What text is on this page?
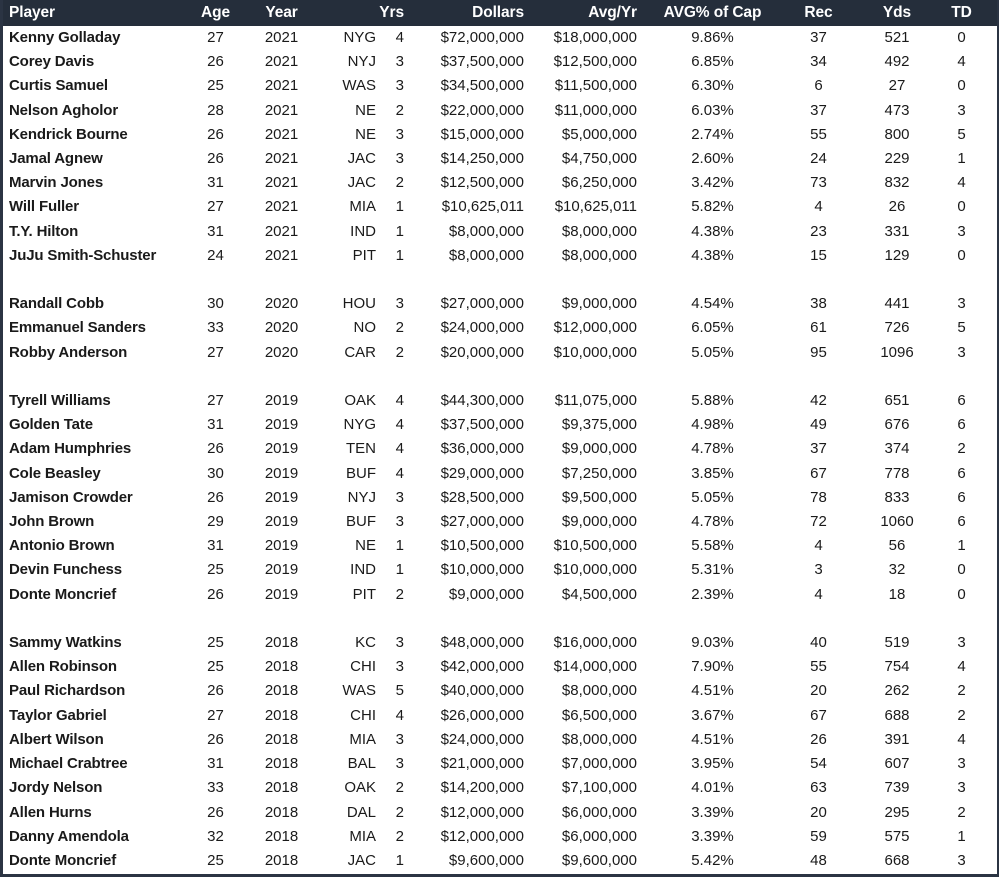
Player	Age	Year		Yrs	Dollars	Avg/Yr	AVG% of Cap	Rec	Yds	TD
Kenny Golladay	27	2021	NYG	4	$72,000,000	$18,000,000	9.86%	37	521	0
Corey Davis	26	2021	NYJ	3	$37,500,000	$12,500,000	6.85%	34	492	4
Curtis Samuel	25	2021	WAS	3	$34,500,000	$11,500,000	6.30%	6	27	0
Nelson Agholor	28	2021	NE	2	$22,000,000	$11,000,000	6.03%	37	473	3
Kendrick Bourne	26	2021	NE	3	$15,000,000	$5,000,000	2.74%	55	800	5
Jamal Agnew	26	2021	JAC	3	$14,250,000	$4,750,000	2.60%	24	229	1
Marvin Jones	31	2021	JAC	2	$12,500,000	$6,250,000	3.42%	73	832	4
Will Fuller	27	2021	MIA	1	$10,625,011	$10,625,011	5.82%	4	26	0
T.Y. Hilton	31	2021	IND	1	$8,000,000	$8,000,000	4.38%	23	331	3
JuJu Smith-Schuster	24	2021	PIT	1	$8,000,000	$8,000,000	4.38%	15	129	0

Randall Cobb	30	2020	HOU	3	$27,000,000	$9,000,000	4.54%	38	441	3
Emmanuel Sanders	33	2020	NO	2	$24,000,000	$12,000,000	6.05%	61	726	5
Robby Anderson	27	2020	CAR	2	$20,000,000	$10,000,000	5.05%	95	1096	3

Tyrell Williams	27	2019	OAK	4	$44,300,000	$11,075,000	5.88%	42	651	6
Golden Tate	31	2019	NYG	4	$37,500,000	$9,375,000	4.98%	49	676	6
Adam Humphries	26	2019	TEN	4	$36,000,000	$9,000,000	4.78%	37	374	2
Cole Beasley	30	2019	BUF	4	$29,000,000	$7,250,000	3.85%	67	778	6
Jamison Crowder	26	2019	NYJ	3	$28,500,000	$9,500,000	5.05%	78	833	6
John Brown	29	2019	BUF	3	$27,000,000	$9,000,000	4.78%	72	1060	6
Antonio Brown	31	2019	NE	1	$10,500,000	$10,500,000	5.58%	4	56	1
Devin Funchess	25	2019	IND	1	$10,000,000	$10,000,000	5.31%	3	32	0
Donte Moncrief	26	2019	PIT	2	$9,000,000	$4,500,000	2.39%	4	18	0

Sammy Watkins	25	2018	KC	3	$48,000,000	$16,000,000	9.03%	40	519	3
Allen Robinson	25	2018	CHI	3	$42,000,000	$14,000,000	7.90%	55	754	4
Paul Richardson	26	2018	WAS	5	$40,000,000	$8,000,000	4.51%	20	262	2
Taylor Gabriel	27	2018	CHI	4	$26,000,000	$6,500,000	3.67%	67	688	2
Albert Wilson	26	2018	MIA	3	$24,000,000	$8,000,000	4.51%	26	391	4
Michael Crabtree	31	2018	BAL	3	$21,000,000	$7,000,000	3.95%	54	607	3
Jordy Nelson	33	2018	OAK	2	$14,200,000	$7,100,000	4.01%	63	739	3
Allen Hurns	26	2018	DAL	2	$12,000,000	$6,000,000	3.39%	20	295	2
Danny Amendola	32	2018	MIA	2	$12,000,000	$6,000,000	3.39%	59	575	1
Donte Moncrief	25	2018	JAC	1	$9,600,000	$9,600,000	5.42%	48	668	3
